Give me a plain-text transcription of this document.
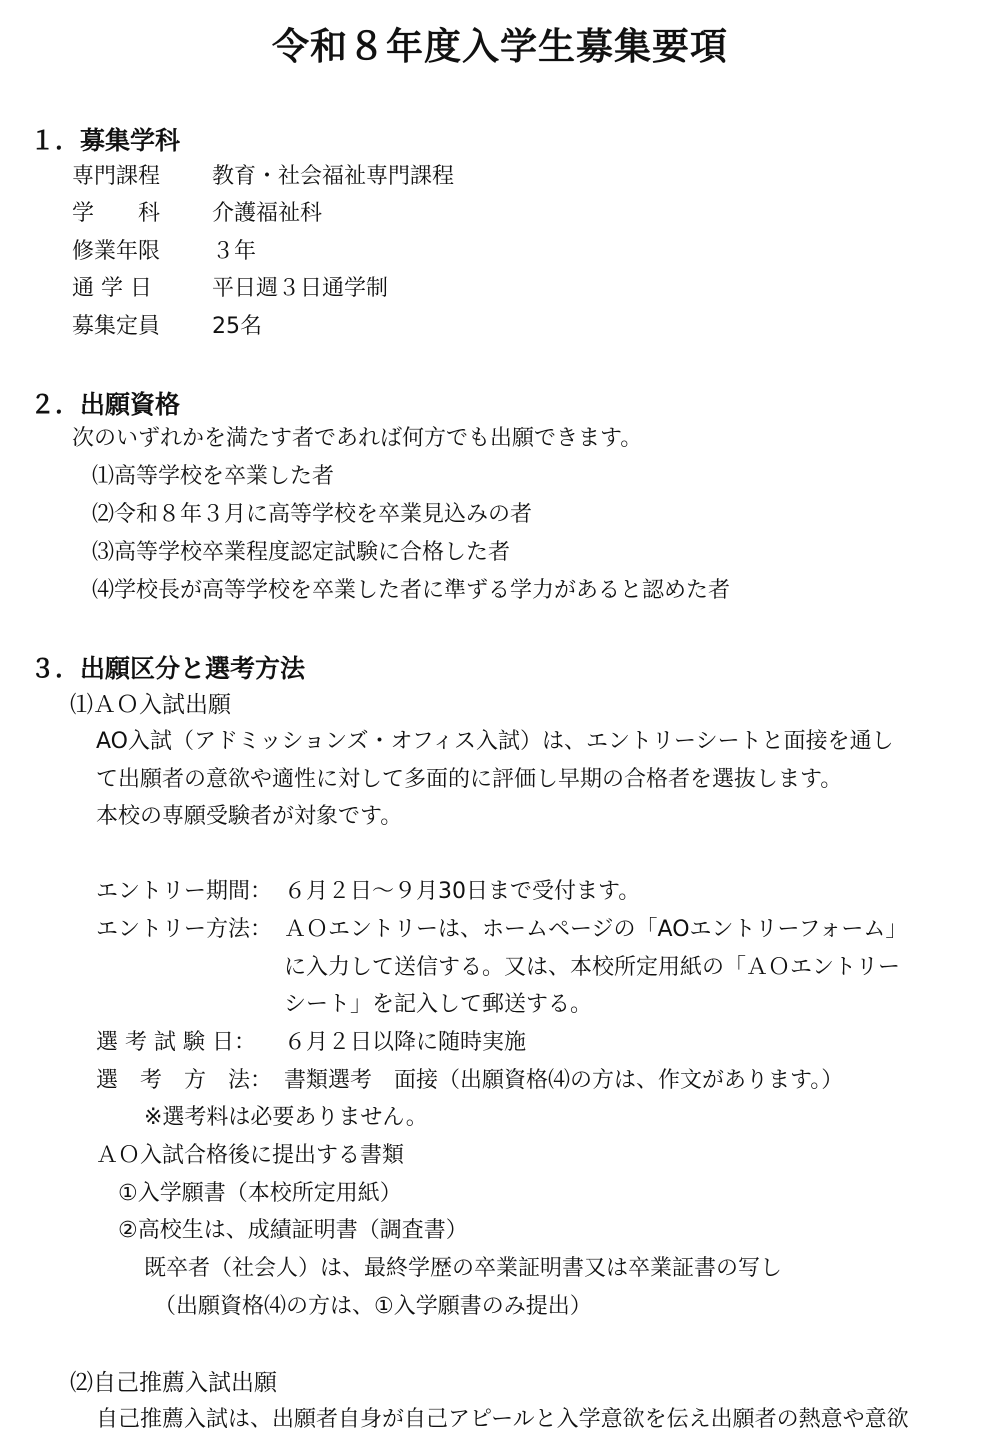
令和８年度入学生募集要項
１．募集学科
専門課程 教育・社会福祉専門課程
学　　科 介護福祉科
修業年限 ３年
通 学 日	平日週３日通学制
募集定員 25名
２．出願資格
次のいずれかを満たす者であれば何方でも出願できます。
⑴高等学校を卒業した者
⑵令和８年３月に高等学校を卒業見込みの者
⑶高等学校卒業程度認定試験に合格した者
⑷学校長が高等学校を卒業した者に準ずる学力があると認めた者
３．出願区分と選考方法
⑴ＡＯ入試出願
AO入試（アドミッションズ・オフィス入試）は、エントリーシートと面接を通し
て出願者の意欲や適性に対して多面的に評価し早期の合格者を選抜します。
本校の専願受験者が対象です。
エントリー期間： ６月２日～９月30日まで受付ます。
エントリー方法： ＡＯエントリーは、ホームページの「AOエントリーフォーム」
に入力して送信する。又は、本校所定用紙の「ＡＯエントリー
シート」を記入して郵送する。
選 考 試 験 日： ６月２日以降に随時実施
選　考　方　法： 書類選考　面接（出願資格⑷の方は、作文があります。）
※選考料は必要ありません。
ＡＯ入試合格後に提出する書類
①入学願書（本校所定用紙）
②高校生は、成績証明書（調査書）
既卒者（社会人）は、最終学歴の卒業証明書又は卒業証書の写し
（出願資格⑷の方は、①入学願書のみ提出）
⑵自己推薦入試出願
自己推薦入試は、出願者自身が自己アピールと入学意欲を伝え出願者の熱意や意欲
